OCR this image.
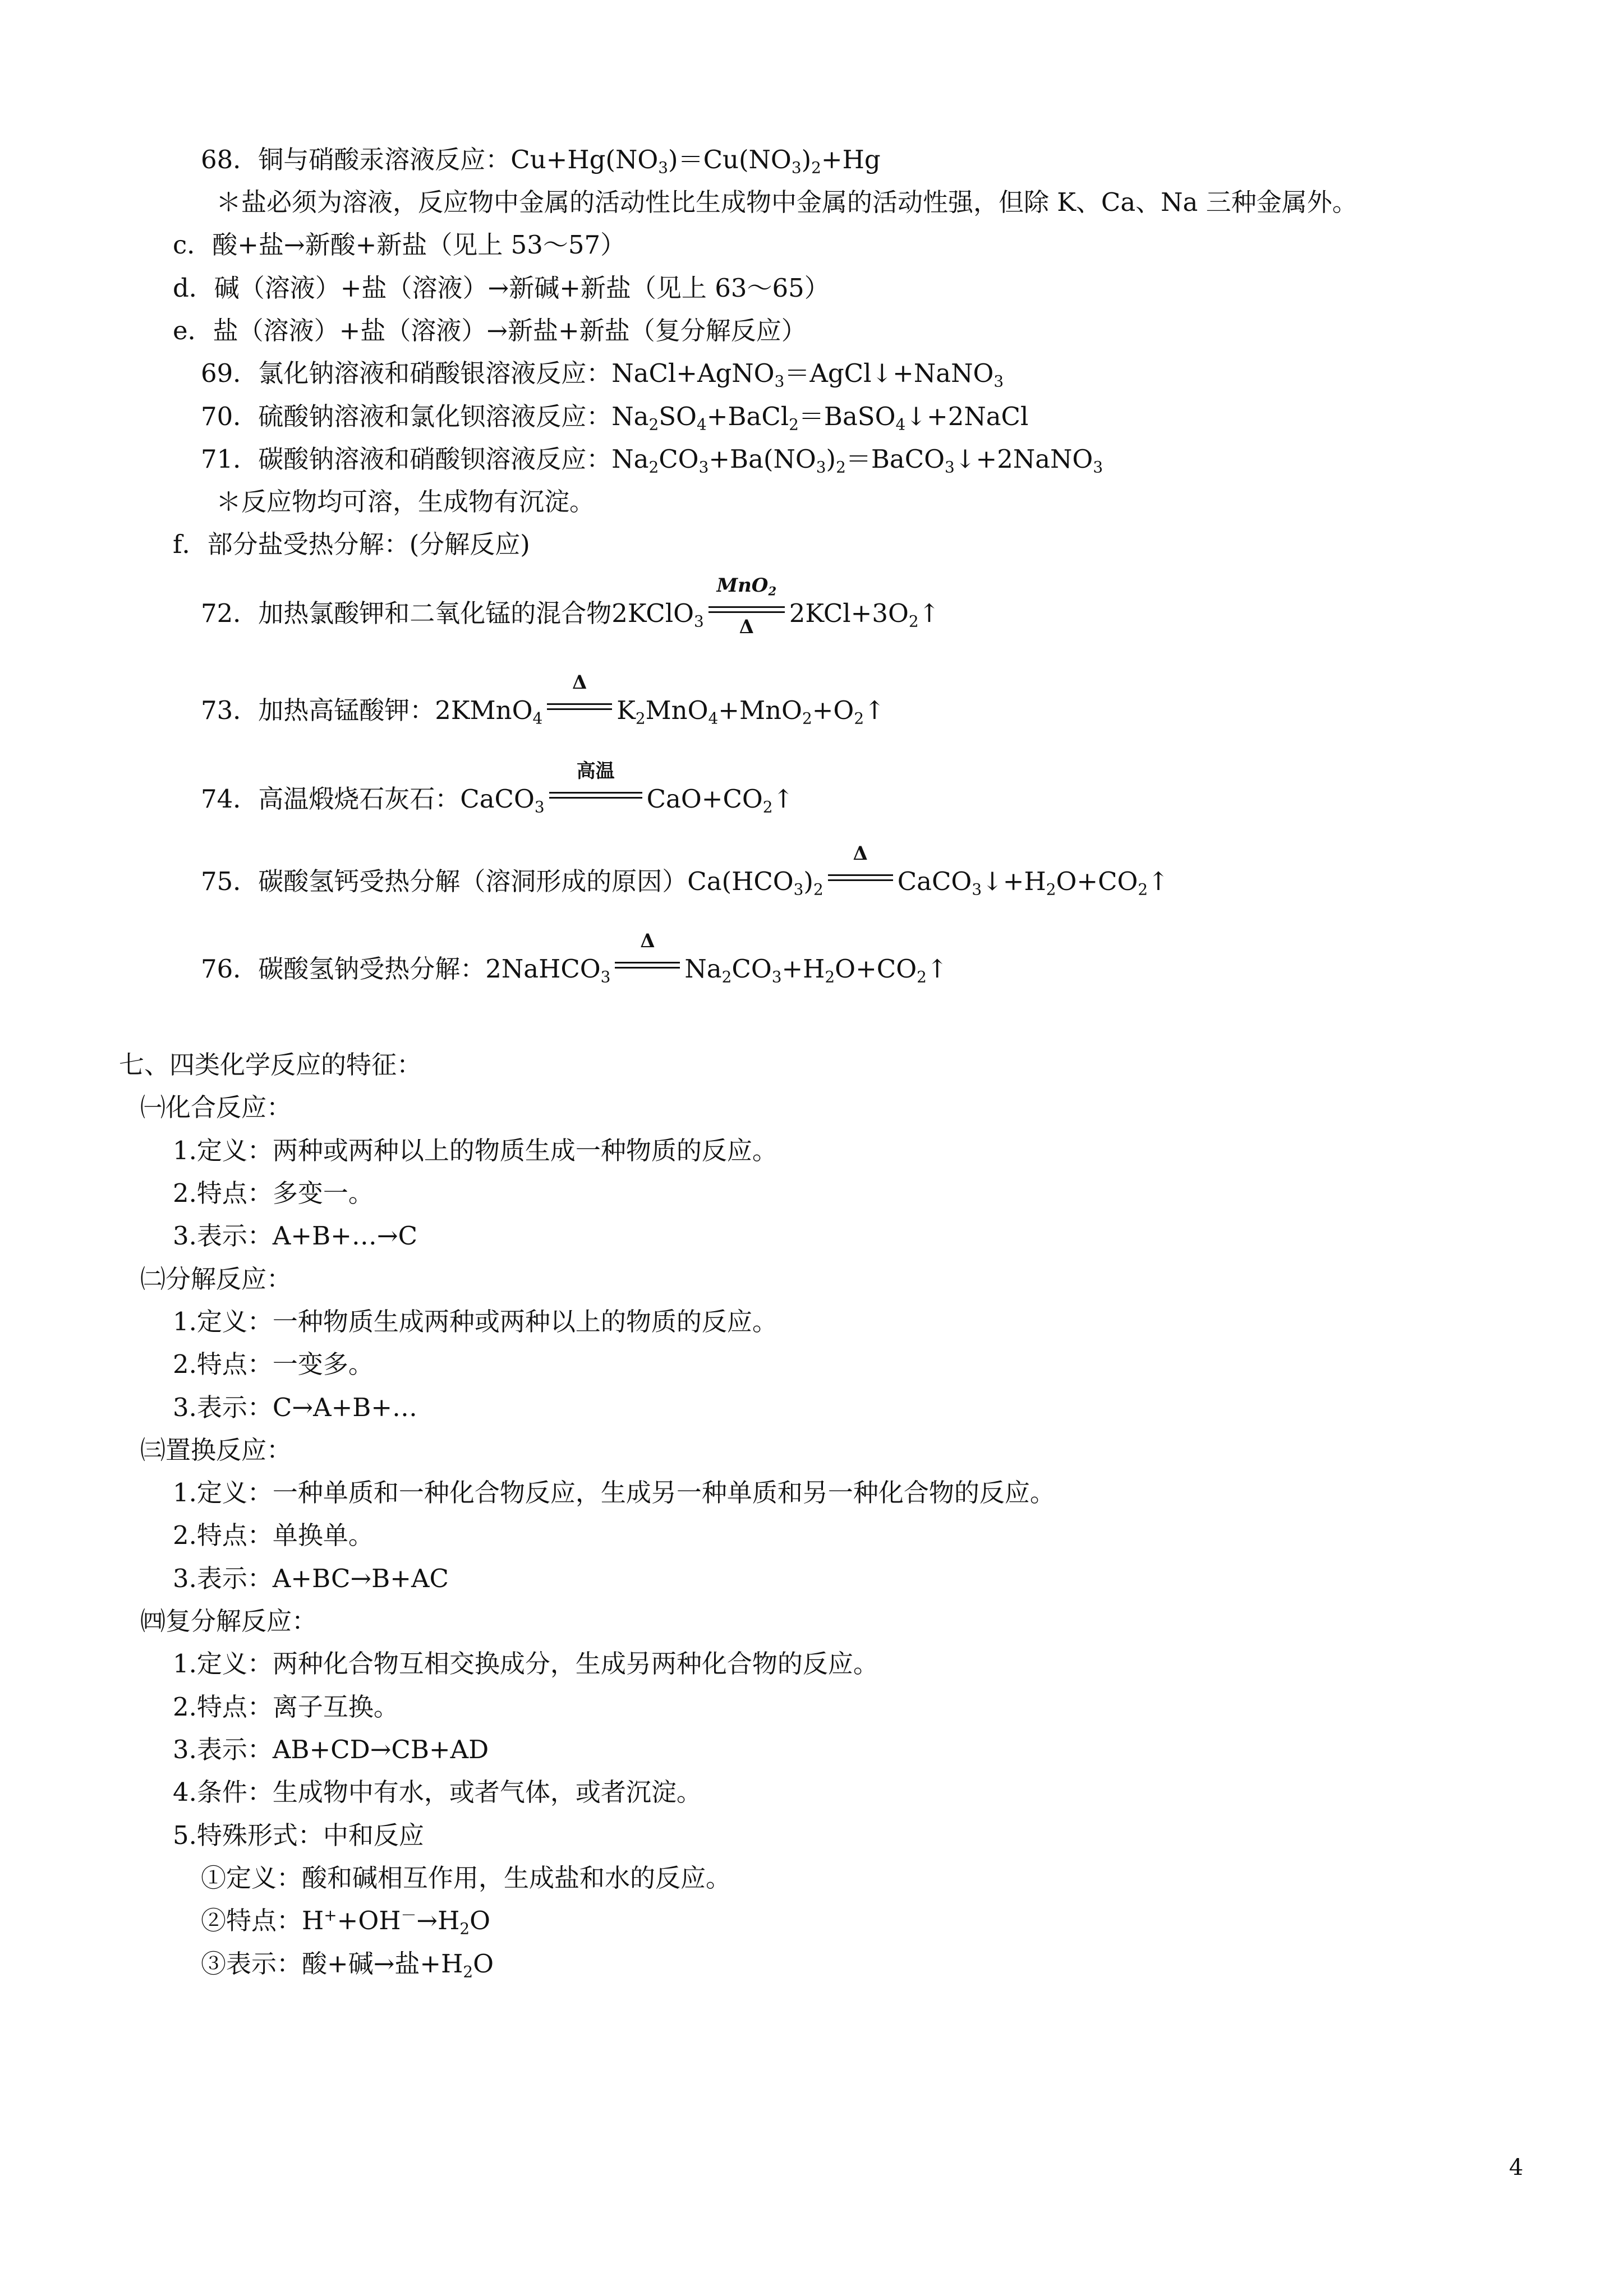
68．铜与硝酸汞溶液反应：$Cu+Hg(NO_3)=Cu(NO_3)_2+Hg$
＊盐必须为溶液，反应物中金属的活动性比生成物中金属的活动性强，但除 K、Ca、Na 三种金属外。
c．酸+盐→新酸+新盐（见上 53～57）
d．碱（溶液）+盐（溶液）→新碱+新盐（见上 63～65）
e．盐（溶液）+盐（溶液）→新盐+新盐（复分解反应）
69．氯化钠溶液和硝酸银溶液反应：NaCl+AgNO$_3$＝AgCl↓+NaNO$_3$
70．硫酸钠溶液和氯化钡溶液反应：$Na_2SO_4+BaCl_2=BaSO_4↓+2NaCl$
71．碳酸钠溶液和硝酸钡溶液反应：$Na_2CO_3+Ba(NO_3)_2=BaCO_3↓+2NaNO_3$
＊反应物均可溶，生成物有沉淀。
f．部分盐受热分解：(分解反应)
72．加热氯酸钾和二氧化锰的混合物2KClO$_3$
MnO$_2$
Δ	$2KCl+3O_2↑$
73．加热高锰酸钾：2KMnO$_4$
Δ
$K_2MnO_4+MnO_2+O_2↑$
74．高温煅烧石灰石：CaCO$_3$
高温
$CaO+CO_2↑$
75．碳酸氢钙受热分解（溶洞形成的原因）$Ca(HCO_3)_2$
Δ
$CaCO_3↓+H_2O+CO_2↑$
76．碳酸氢钠受热分解：2NaHCO$_3$
Δ
$Na_2CO_3+H_2O+CO_2↑$
七、四类化学反应的特征：
㈠化合反应：
1.定义：两种或两种以上的物质生成一种物质的反应。
2.特点：多变一。
3.表示：A+B+…→C
㈡分解反应：
1.定义：一种物质生成两种或两种以上的物质的反应。
2.特点：一变多。
3.表示：C→A+B+…
㈢置换反应：
1.定义：一种单质和一种化合物反应，生成另一种单质和另一种化合物的反应。
2.特点：单换单。
3.表示：A+BC→B+AC
㈣复分解反应：
1.定义：两种化合物互相交换成分，生成另两种化合物的反应。
2.特点：离子互换。
3.表示：AB+CD→CB+AD
4.条件：生成物中有水，或者气体，或者沉淀。
5.特殊形式：中和反应
①定义：酸和碱相互作用，生成盐和水的反应。
②特点：$H^++OH^-\to H_2O$
③表示：酸+碱→盐$+H_2O$
4
